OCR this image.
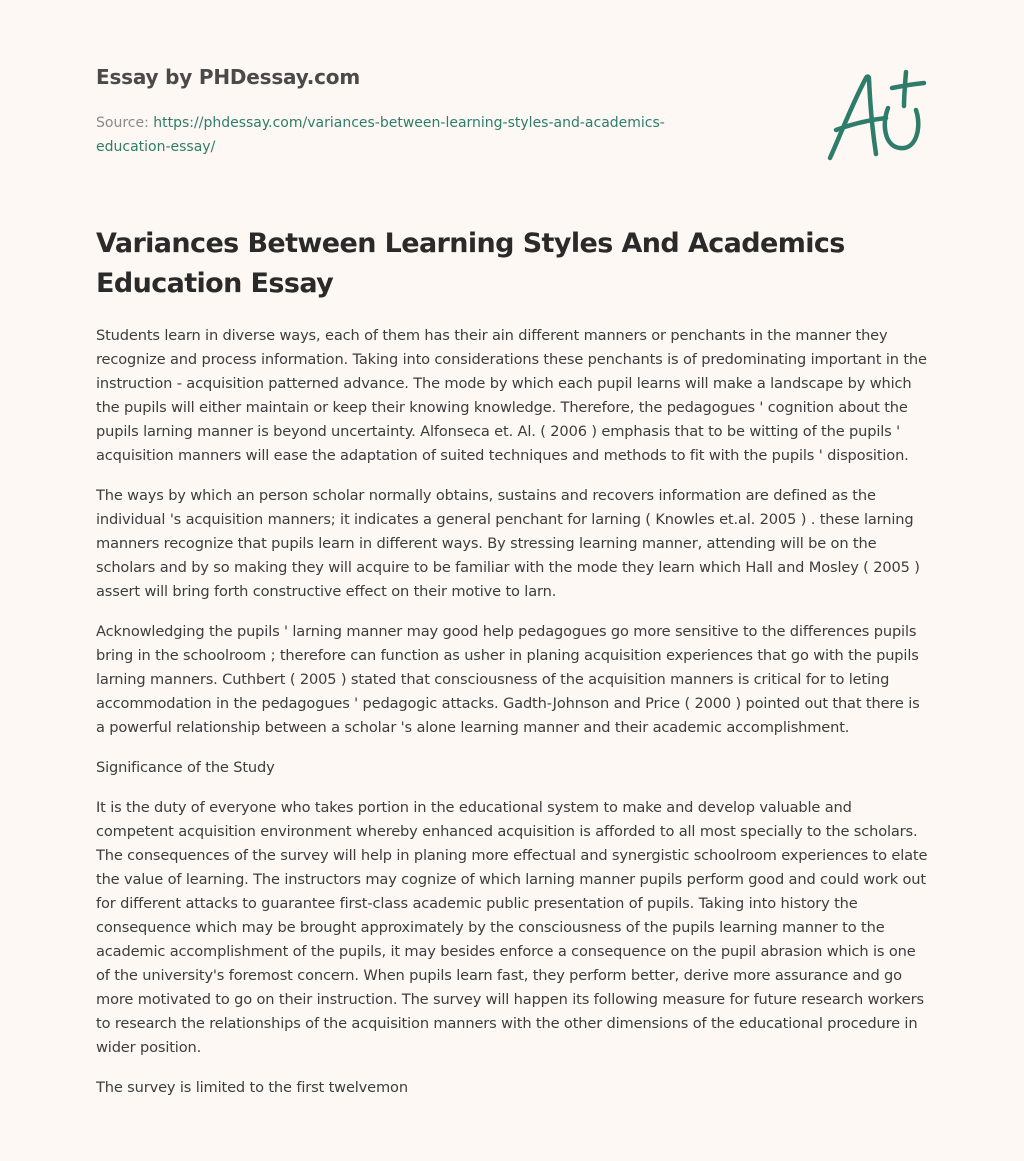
Essay by PHDessay.com
Source: https://phdessay.com/variances-between-learning-styles-and-academics-education-essay/
Variances Between Learning Styles And Academics Education Essay

Students learn in diverse ways, each of them has their ain different manners or penchants in the manner they recognize and process information. Taking into considerations these penchants is of predominating important in the instruction - acquisition patterned advance. The mode by which each pupil learns will make a landscape by which the pupils will either maintain or keep their knowing knowledge. Therefore, the pedagogues ' cognition about the pupils larning manner is beyond uncertainty. Alfonseca et. Al. ( 2006 ) emphasis that to be witting of the pupils ' acquisition manners will ease the adaptation of suited techniques and methods to fit with the pupils ' disposition.

The ways by which an person scholar normally obtains, sustains and recovers information are defined as the individual 's acquisition manners; it indicates a general penchant for larning ( Knowles et.al. 2005 ) . these larning manners recognize that pupils learn in different ways. By stressing learning manner, attending will be on the scholars and by so making they will acquire to be familiar with the mode they learn which Hall and Mosley ( 2005 ) assert will bring forth constructive effect on their motive to larn.

Acknowledging the pupils ' larning manner may good help pedagogues go more sensitive to the differences pupils bring in the schoolroom ; therefore can function as usher in planing acquisition experiences that go with the pupils larning manners. Cuthbert ( 2005 ) stated that consciousness of the acquisition manners is critical for to leting accommodation in the pedagogues ' pedagogic attacks. Gadth-Johnson and Price ( 2000 ) pointed out that there is a powerful relationship between a scholar 's alone learning manner and their academic accomplishment.

Significance of the Study

It is the duty of everyone who takes portion in the educational system to make and develop valuable and competent acquisition environment whereby enhanced acquisition is afforded to all most specially to the scholars. The consequences of the survey will help in planing more effectual and synergistic schoolroom experiences to elate the value of learning. The instructors may cognize of which larning manner pupils perform good and could work out for different attacks to guarantee first-class academic public presentation of pupils. Taking into history the consequence which may be brought approximately by the consciousness of the pupils learning manner to the academic accomplishment of the pupils, it may besides enforce a consequence on the pupil abrasion which is one of the university's foremost concern. When pupils learn fast, they perform better, derive more assurance and go more motivated to go on their instruction. The survey will happen its following measure for future research workers to research the relationships of the acquisition manners with the other dimensions of the educational procedure in wider position.

The survey is limited to the first twelvemon
